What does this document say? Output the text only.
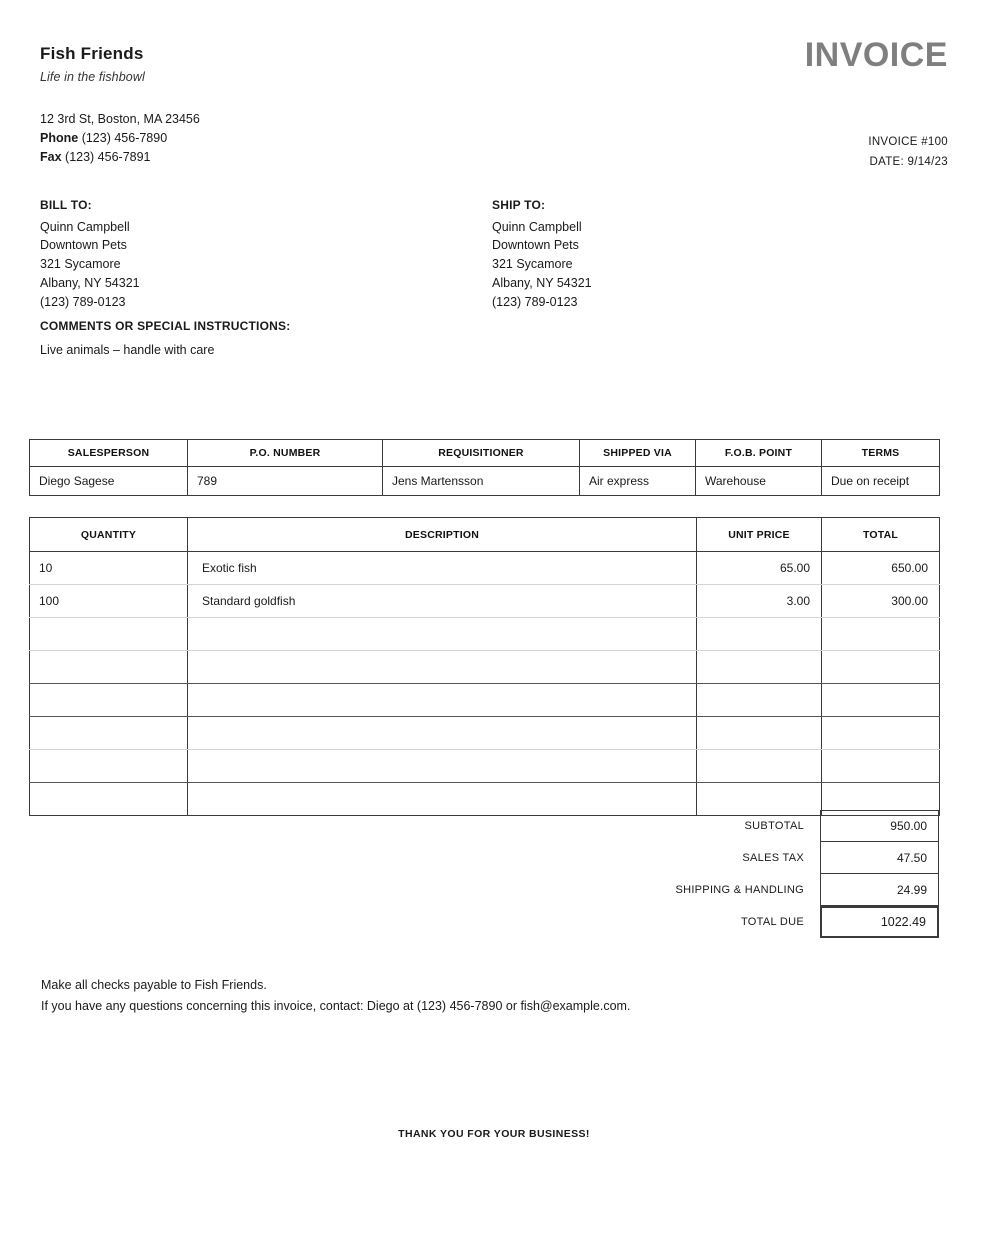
Fish Friends
Life in the fishbowl
12 3rd St, Boston, MA 23456
Phone (123) 456-7890
Fax (123) 456-7891
INVOICE
INVOICE #100
DATE: 9/14/23
BILL TO:
Quinn Campbell
Downtown Pets
321 Sycamore
Albany, NY 54321
(123) 789-0123
SHIP TO:
Quinn Campbell
Downtown Pets
321 Sycamore
Albany, NY 54321
(123) 789-0123
COMMENTS OR SPECIAL INSTRUCTIONS:
Live animals – handle with care
SALESPERSON	P.O. NUMBER	REQUISITIONER	SHIPPED VIA	F.O.B. POINT	TERMS
Diego Sagese	789	Jens Martensson	Air express	Warehouse	Due on receipt
QUANTITY	DESCRIPTION	UNIT PRICE	TOTAL
10	Exotic fish	65.00	650.00
100	Standard goldfish	3.00	300.00

SUBTOTAL	950.00
SALES TAX	47.50
SHIPPING & HANDLING	24.99
TOTAL DUE	1022.49
Make all checks payable to Fish Friends.
If you have any questions concerning this invoice, contact: Diego at (123) 456-7890 or fish@example.com.
THANK YOU FOR YOUR BUSINESS!
